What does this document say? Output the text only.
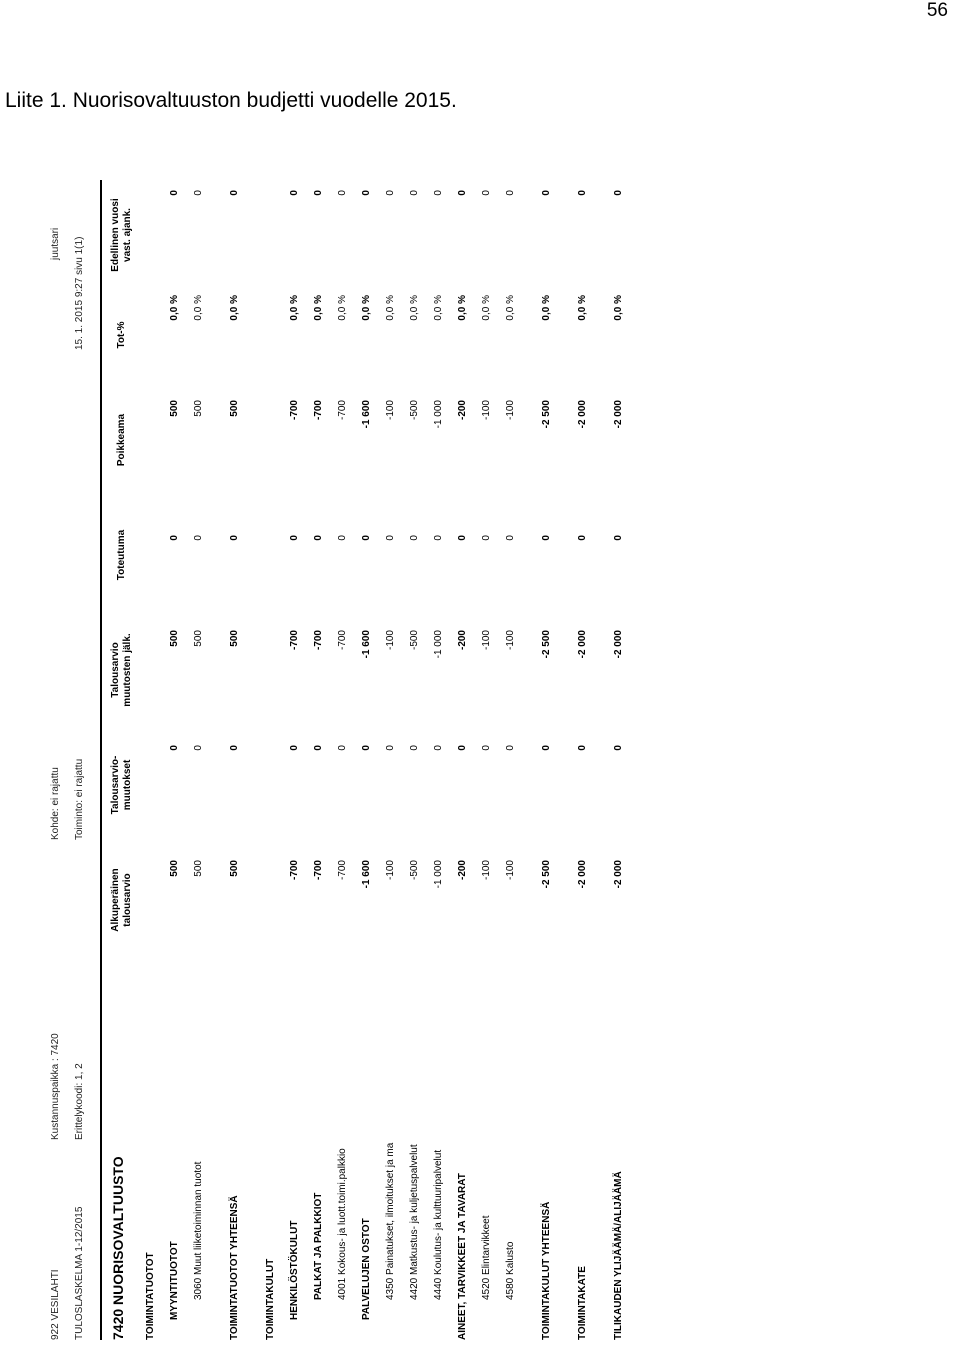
56
Liite 1. Nuorisovaltuuston budjetti vuodelle 2015.
922 VESILAHTI TULOSLASKELMA 1-12/2015
Kustannuspaikka : 7420 Erittelykoodi: 1, 2
Kohde: ei rajattu Toiminto: ei rajattu
juutsari 15. 1. 2015 9:27 sivu 1(1)
7420 NUORISOVALTUUSTO
Alkuperäinen talousarvio
Talousarvio-muutokset
Talousarvio muutosten jälk.
Toteutuma
Poikkeama
Tot-%
Edellinen vuosi vast. ajank.
TOIMINTATUOTOT MYYNTITUOTOT
500
0
500
0
500
0,0 %
0
3060 Muut liiketoiminnan tuotot
500
0
500
0
500
0,0 %
0
TOIMINTATUOTOT YHTEENSÄ
500
0
500
0
500
0,0 %
0
TOIMINTAKULUT HENKILÖSTÖKULUT
-700
0
-700
0
-700
0,0 %
0
PALKAT JA PALKKIOT
-700
0
-700
0
-700
0,0 %
0
4001 Kokous- ja luott.toimi.palkkio
-700
0
-700
0
-700
0,0 %
0
PALVELUJEN OSTOT
-1 600
0
-1 600
0
-1 600
0,0 %
0
4350 Painatukset, ilmoitukset ja ma
-100
0
-100
0
-100
0,0 %
0
4420 Matkustus- ja kuljetuspalvelut
-500
0
-500
0
-500
0,0 %
0
4440 Koulutus- ja kulttuuripalvelut
-1 000
0
-1 000
0
-1 000
0,0 %
0
AINEET, TARVIKKEET JA TAVARAT
-200
0
-200
0
-200
0,0 %
0
4520 Elintarvikkeet
-100
0
-100
0
-100
0,0 %
0
4580 Kalusto
-100
0
-100
0
-100
0,0 %
0
TOIMINTAKULUT YHTEENSÄ
-2 500
0
-2 500
0
-2 500
0,0 %
0
TOIMINTAKATE
-2 000
0
-2 000
0
-2 000
0,0 %
0
TILIKAUDEN YLIJÄÄMÄ/ALIJÄÄMÄ
-2 000
0
-2 000
0
-2 000
0,0 %
0
